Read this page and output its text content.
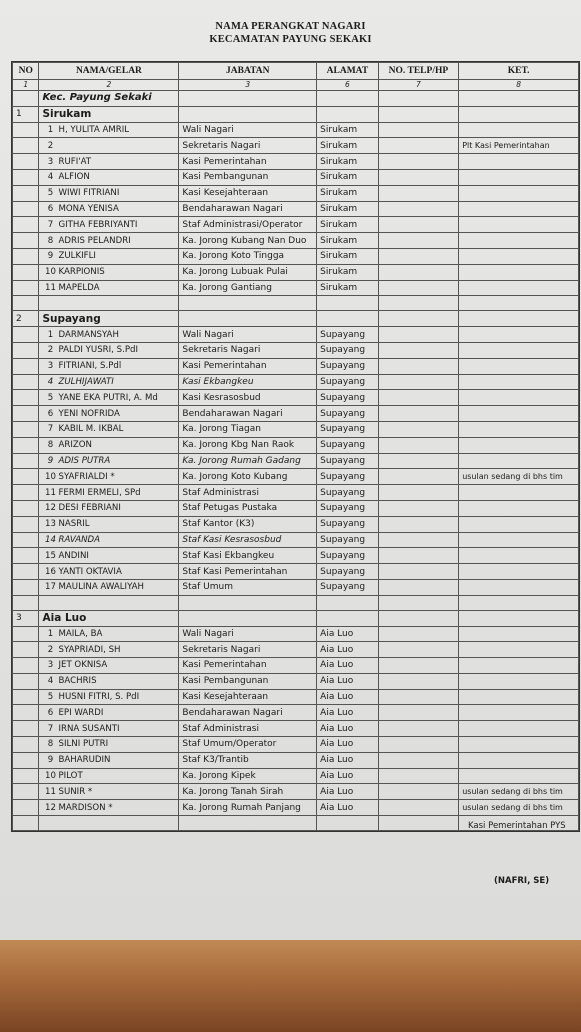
NAMA PERANGKAT NAGARI
KECAMATAN PAYUNG SEKAKI
NO	NAMA/GELAR	JABATAN	ALAMAT	NO. TELP/HP	KET.
1	2	3	6	7	8
	Kec. Payung Sekaki				
1	Sirukam				
	1 H, YULITA AMRIL	Wali Nagari	Sirukam		
	2	Sekretaris Nagari	Sirukam		Plt Kasi Pemerintahan
	3 RUFI'AT	Kasi Pemerintahan	Sirukam		
	4 ALFION	Kasi Pembangunan	Sirukam		
	5 WIWI FITRIANI	Kasi Kesejahteraan	Sirukam		
	6 MONA YENISA	Bendaharawan Nagari	Sirukam		
	7 GITHA FEBRIYANTI	Staf Administrasi/Operator	Sirukam		
	8 ADRIS PELANDRI	Ka. Jorong Kubang Nan Duo	Sirukam		
	9 ZULKIFLI	Ka. Jorong Koto Tingga	Sirukam		
	10 KARPIONIS	Ka. Jorong Lubuak Pulai	Sirukam		
	11 MAPELDA	Ka. Jorong Gantiang	Sirukam		

2	Supayang				
	1 DARMANSYAH	Wali Nagari	Supayang		
	2 PALDI YUSRI, S.PdI	Sekretaris Nagari	Supayang		
	3 FITRIANI, S.Pdl	Kasi Pemerintahan	Supayang		
	4 ZULHIJAWATI	Kasi Ekbangkeu	Supayang		
	5 YANE EKA PUTRI, A. Md	Kasi Kesrasosbud	Supayang		
	6 YENI NOFRIDA	Bendaharawan Nagari	Supayang		
	7 KABIL M. IKBAL	Ka. Jorong Tiagan	Supayang		
	8 ARIZON	Ka. Jorong Kbg Nan Raok	Supayang		
	9 ADIS PUTRA	Ka. Jorong Rumah Gadang	Supayang		
	10 SYAFRIALDI *	Ka. Jorong Koto Kubang	Supayang		usulan sedang di bhs tim
	11 FERMI ERMELI, SPd	Staf Administrasi	Supayang		
	12 DESI FEBRIANI	Staf Petugas Pustaka	Supayang		
	13 NASRIL	Staf Kantor (K3)	Supayang		
	14 RAVANDA	Staf Kasi Kesrasosbud	Supayang		
	15 ANDINI	Staf Kasi Ekbangkeu	Supayang		
	16 YANTI OKTAVIA	Staf Kasi Pemerintahan	Supayang		
	17 MAULINA AWALIYAH	Staf Umum	Supayang		

3	Aia Luo				
	1 MAILA, BA	Wali Nagari	Aia Luo		
	2 SYAPRIADI, SH	Sekretaris Nagari	Aia Luo		
	3 JET OKNISA	Kasi Pemerintahan	Aia Luo		
	4 BACHRIS	Kasi Pembangunan	Aia Luo		
	5 HUSNI FITRI, S. PdI	Kasi Kesejahteraan	Aia Luo		
	6 EPI WARDI	Bendaharawan Nagari	Aia Luo		
	7 IRNA SUSANTI	Staf Administrasi	Aia Luo		
	8 SILNI PUTRI	Staf Umum/Operator	Aia Luo		
	9 BAHARUDIN	Staf K3/Trantib	Aia Luo		
	10 PILOT	Ka. Jorong Kipek	Aia Luo		
	11 SUNIR *	Ka. Jorong Tanah Sirah	Aia Luo		usulan sedang di bhs tim
	12 MARDISON *	Ka. Jorong Rumah Panjang	Aia Luo		usulan sedang di bhs tim

Kasi Pemerintahan PYS
(NAFRI, SE)
